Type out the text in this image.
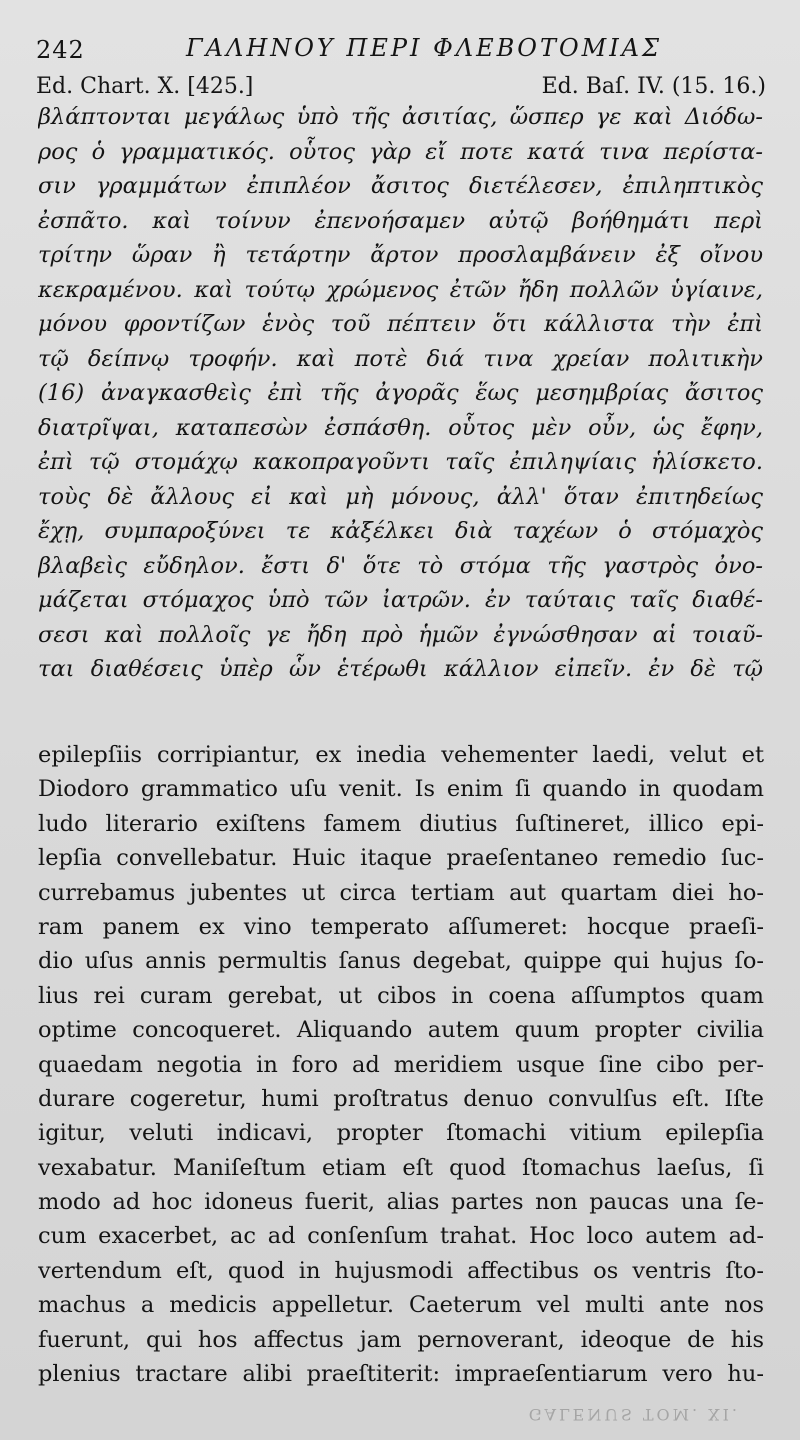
242	ΓΑΛΗΝΟΥ ΠΕΡΙ ΦΛΕΒΟΤΟΜΙΑΣ
Ed. Chart. X. [425.]	Ed. Baſ. IV. (15. 16.)
βλάπτονται μεγάλως ὑπὸ τῆς ἀσιτίας, ὥσπερ γε καὶ Διόδω-
ρος ὁ γραμματικός. οὗτος γὰρ εἴ ποτε κατά τινα περίστα-
σιν γραμμάτων ἐπιπλέον ἄσιτος διετέλεσεν, ἐπιληπτικὸς
ἐσπᾶτο. καὶ τοίνυν ἐπενοήσαμεν αὐτῷ βοήθημάτι περὶ
τρίτην ὥραν ἢ τετάρτην ἄρτον προσλαμβάνειν ἐξ οἴνου
κεκραμένου. καὶ τούτῳ χρώμενος ἐτῶν ἤδη πολλῶν ὑγίαινε,
μόνου φροντίζων ἑνὸς τοῦ πέπτειν ὅτι κάλλιστα τὴν ἐπὶ
τῷ δείπνῳ τροφήν. καὶ ποτὲ διά τινα χρείαν πολιτικὴν
(16) ἀναγκασθεὶς ἐπὶ τῆς ἀγορᾶς ἕως μεσημβρίας ἄσιτος
διατρῖψαι, καταπεσὼν ἐσπάσθη. οὗτος μὲν οὖν, ὡς ἔφην,
ἐπὶ τῷ στομάχῳ κακοπραγοῦντι ταῖς ἐπιληψίαις ἡλίσκετο.
τοὺς δὲ ἄλλους εἰ καὶ μὴ μόνους, ἀλλ' ὅταν ἐπιτηδείως
ἔχῃ, συμπαροξύνει τε κἀξέλκει διὰ ταχέων ὁ στόμαχὸς
βλαβεὶς εὔδηλον. ἔστι δ' ὅτε τὸ στόμα τῆς γαστρὸς ὀνο-
μάζεται στόμαχος ὑπὸ τῶν ἰατρῶν. ἐν ταύταις ταῖς διαθέ-
σεσι καὶ πολλοῖς γε ἤδη πρὸ ἡμῶν ἐγνώσθησαν αἱ τοιαῦ-
ται διαθέσεις ὑπὲρ ὧν ἑτέρωθι κάλλιον εἰπεῖν. ἐν δὲ τῷ
epilepſiis corripiantur, ex inedia vehementer laedi, velut et
Diodoro grammatico uſu venit. Is enim ſi quando in quodam
ludo literario exiſtens famem diutius ſuſtineret, illico epi-
lepſia convellebatur. Huic itaque praeſentaneo remedio ſuc-
currebamus jubentes ut circa tertiam aut quartam diei ho-
ram panem ex vino temperato aſſumeret: hocque praeſi-
dio uſus annis permultis ſanus degebat, quippe qui hujus ſo-
lius rei curam gerebat, ut cibos in coena aſſumptos quam
optime concoqueret. Aliquando autem quum propter civilia
quaedam negotia in foro ad meridiem usque ſine cibo per-
durare cogeretur, humi proſtratus denuo convulſus eſt. Iſte
igitur, veluti indicavi, propter ſtomachi vitium epilepſia
vexabatur. Maniſeſtum etiam eſt quod ſtomachus laeſus, ſi
modo ad hoc idoneus fuerit, alias partes non paucas una ſe-
cum exacerbet, ac ad conſenſum trahat. Hoc loco autem ad-
vertendum eſt, quod in hujusmodi affectibus os ventris ſto-
machus a medicis appelletur. Caeterum vel multi ante nos
fuerunt, qui hos affectus jam pernoverant, ideoque de his
plenius tractare alibi praeſtiterit: impraeſentiarum vero hu-
GALENUS TOM. XI.
